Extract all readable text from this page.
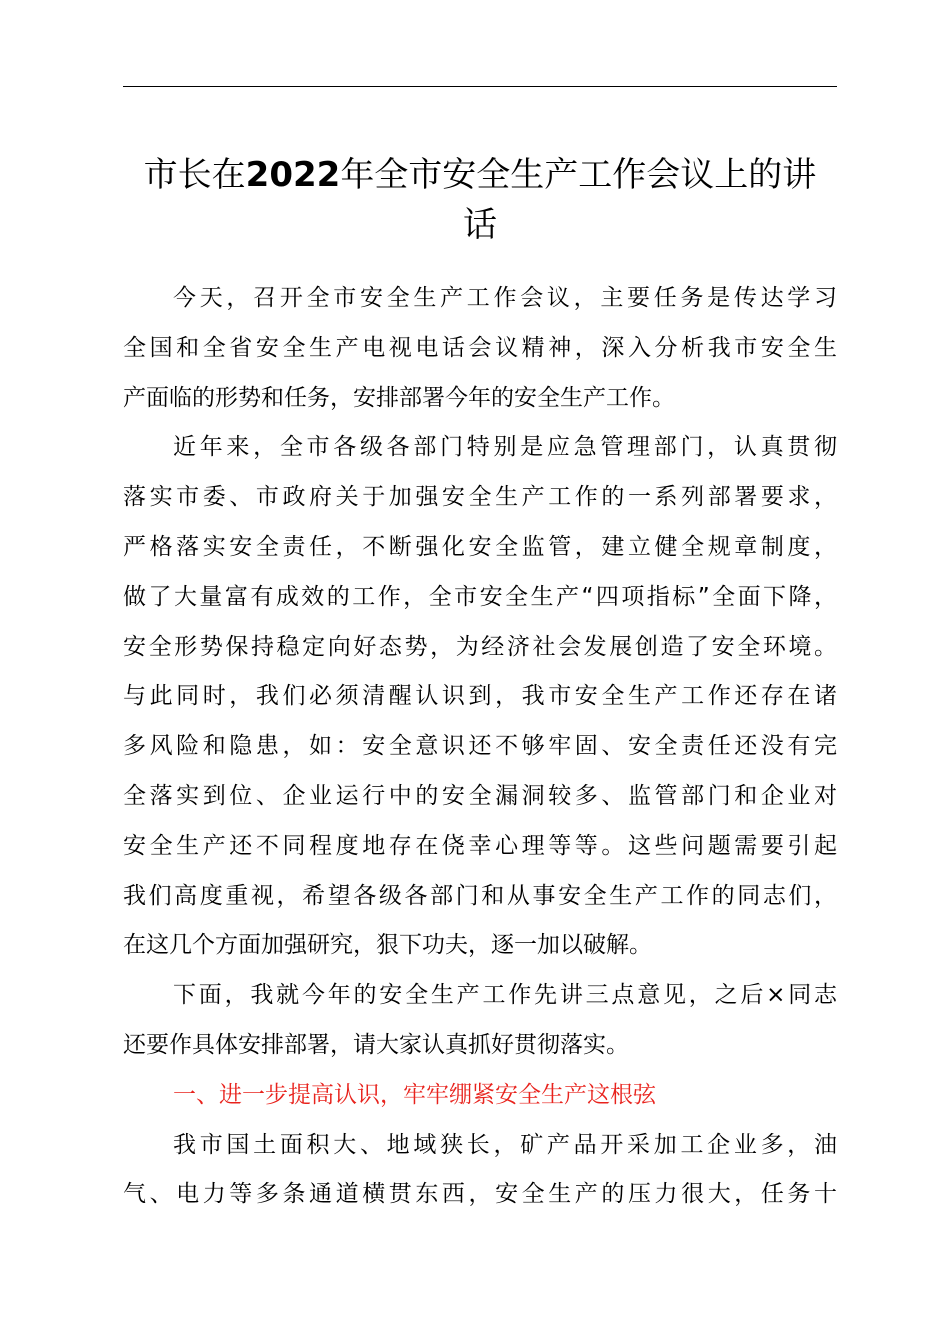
市长在2022年全市安全生产工作会议上的讲
话
今天，召开全市安全生产工作会议，主要任务是传达学习
全国和全省安全生产电视电话会议精神，深入分析我市安全生
产面临的形势和任务，安排部署今年的安全生产工作。
近年来，全市各级各部门特别是应急管理部门，认真贯彻
落实市委、市政府关于加强安全生产工作的一系列部署要求，
严格落实安全责任，不断强化安全监管，建立健全规章制度，
做了大量富有成效的工作，全市安全生产“四项指标”全面下降，
安全形势保持稳定向好态势，为经济社会发展创造了安全环境。
与此同时，我们必须清醒认识到，我市安全生产工作还存在诸
多风险和隐患，如：安全意识还不够牢固、安全责任还没有完
全落实到位、企业运行中的安全漏洞较多、监管部门和企业对
安全生产还不同程度地存在侥幸心理等等。这些问题需要引起
我们高度重视，希望各级各部门和从事安全生产工作的同志们，
在这几个方面加强研究，狠下功夫，逐一加以破解。
下面，我就今年的安全生产工作先讲三点意见，之后×同志
还要作具体安排部署，请大家认真抓好贯彻落实。
一、进一步提高认识，牢牢绷紧安全生产这根弦
我市国土面积大、地域狭长，矿产品开采加工企业多，油
气、电力等多条通道横贯东西，安全生产的压力很大，任务十
